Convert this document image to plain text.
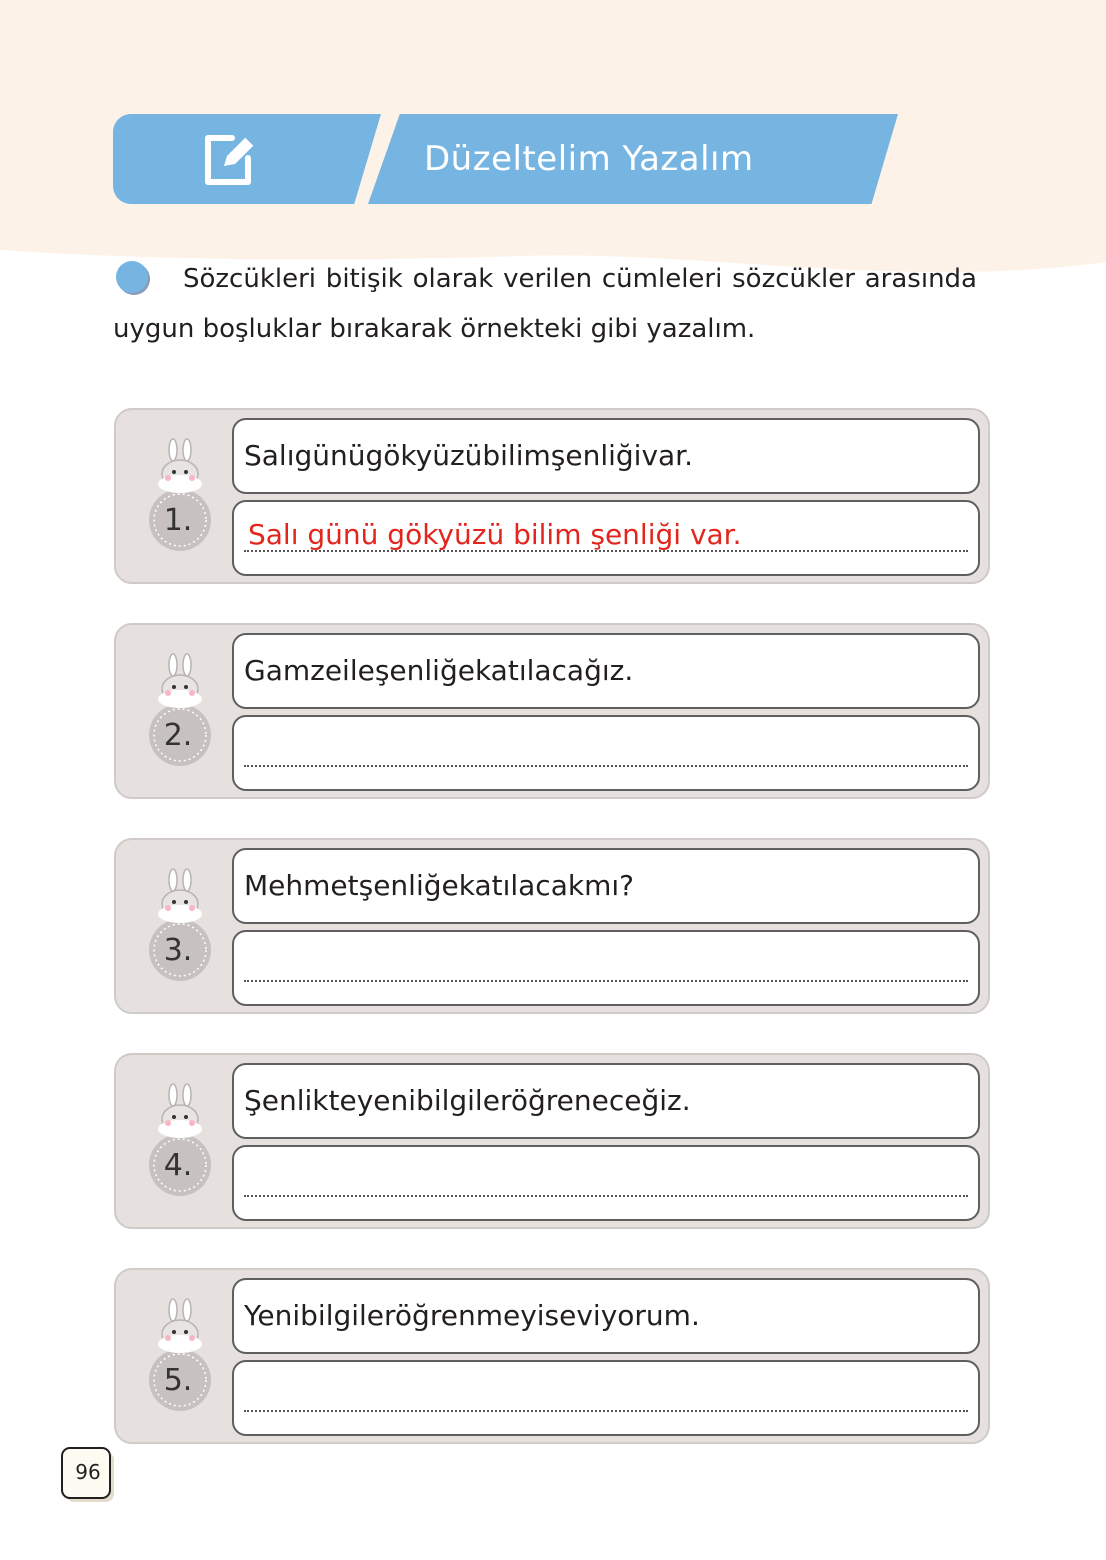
Düzeltelim Yazalım
Sözcükleri bitişik olarak verilen cümleleri sözcükler arasında uygun boşluklar bırakarak örnekteki gibi yazalım.
1.
Salıgünügökyüzübilimşenliğivar.
Salı günü gökyüzü bilim şenliği var.
2.
Gamzeileşenliğekatılacağız.
3.
Mehmetşenliğekatılacakmı?
4.
Şenlikteyenibilgileröğreneceğiz.
5.
Yenibilgileröğrenmeyiseviyorum.
96
